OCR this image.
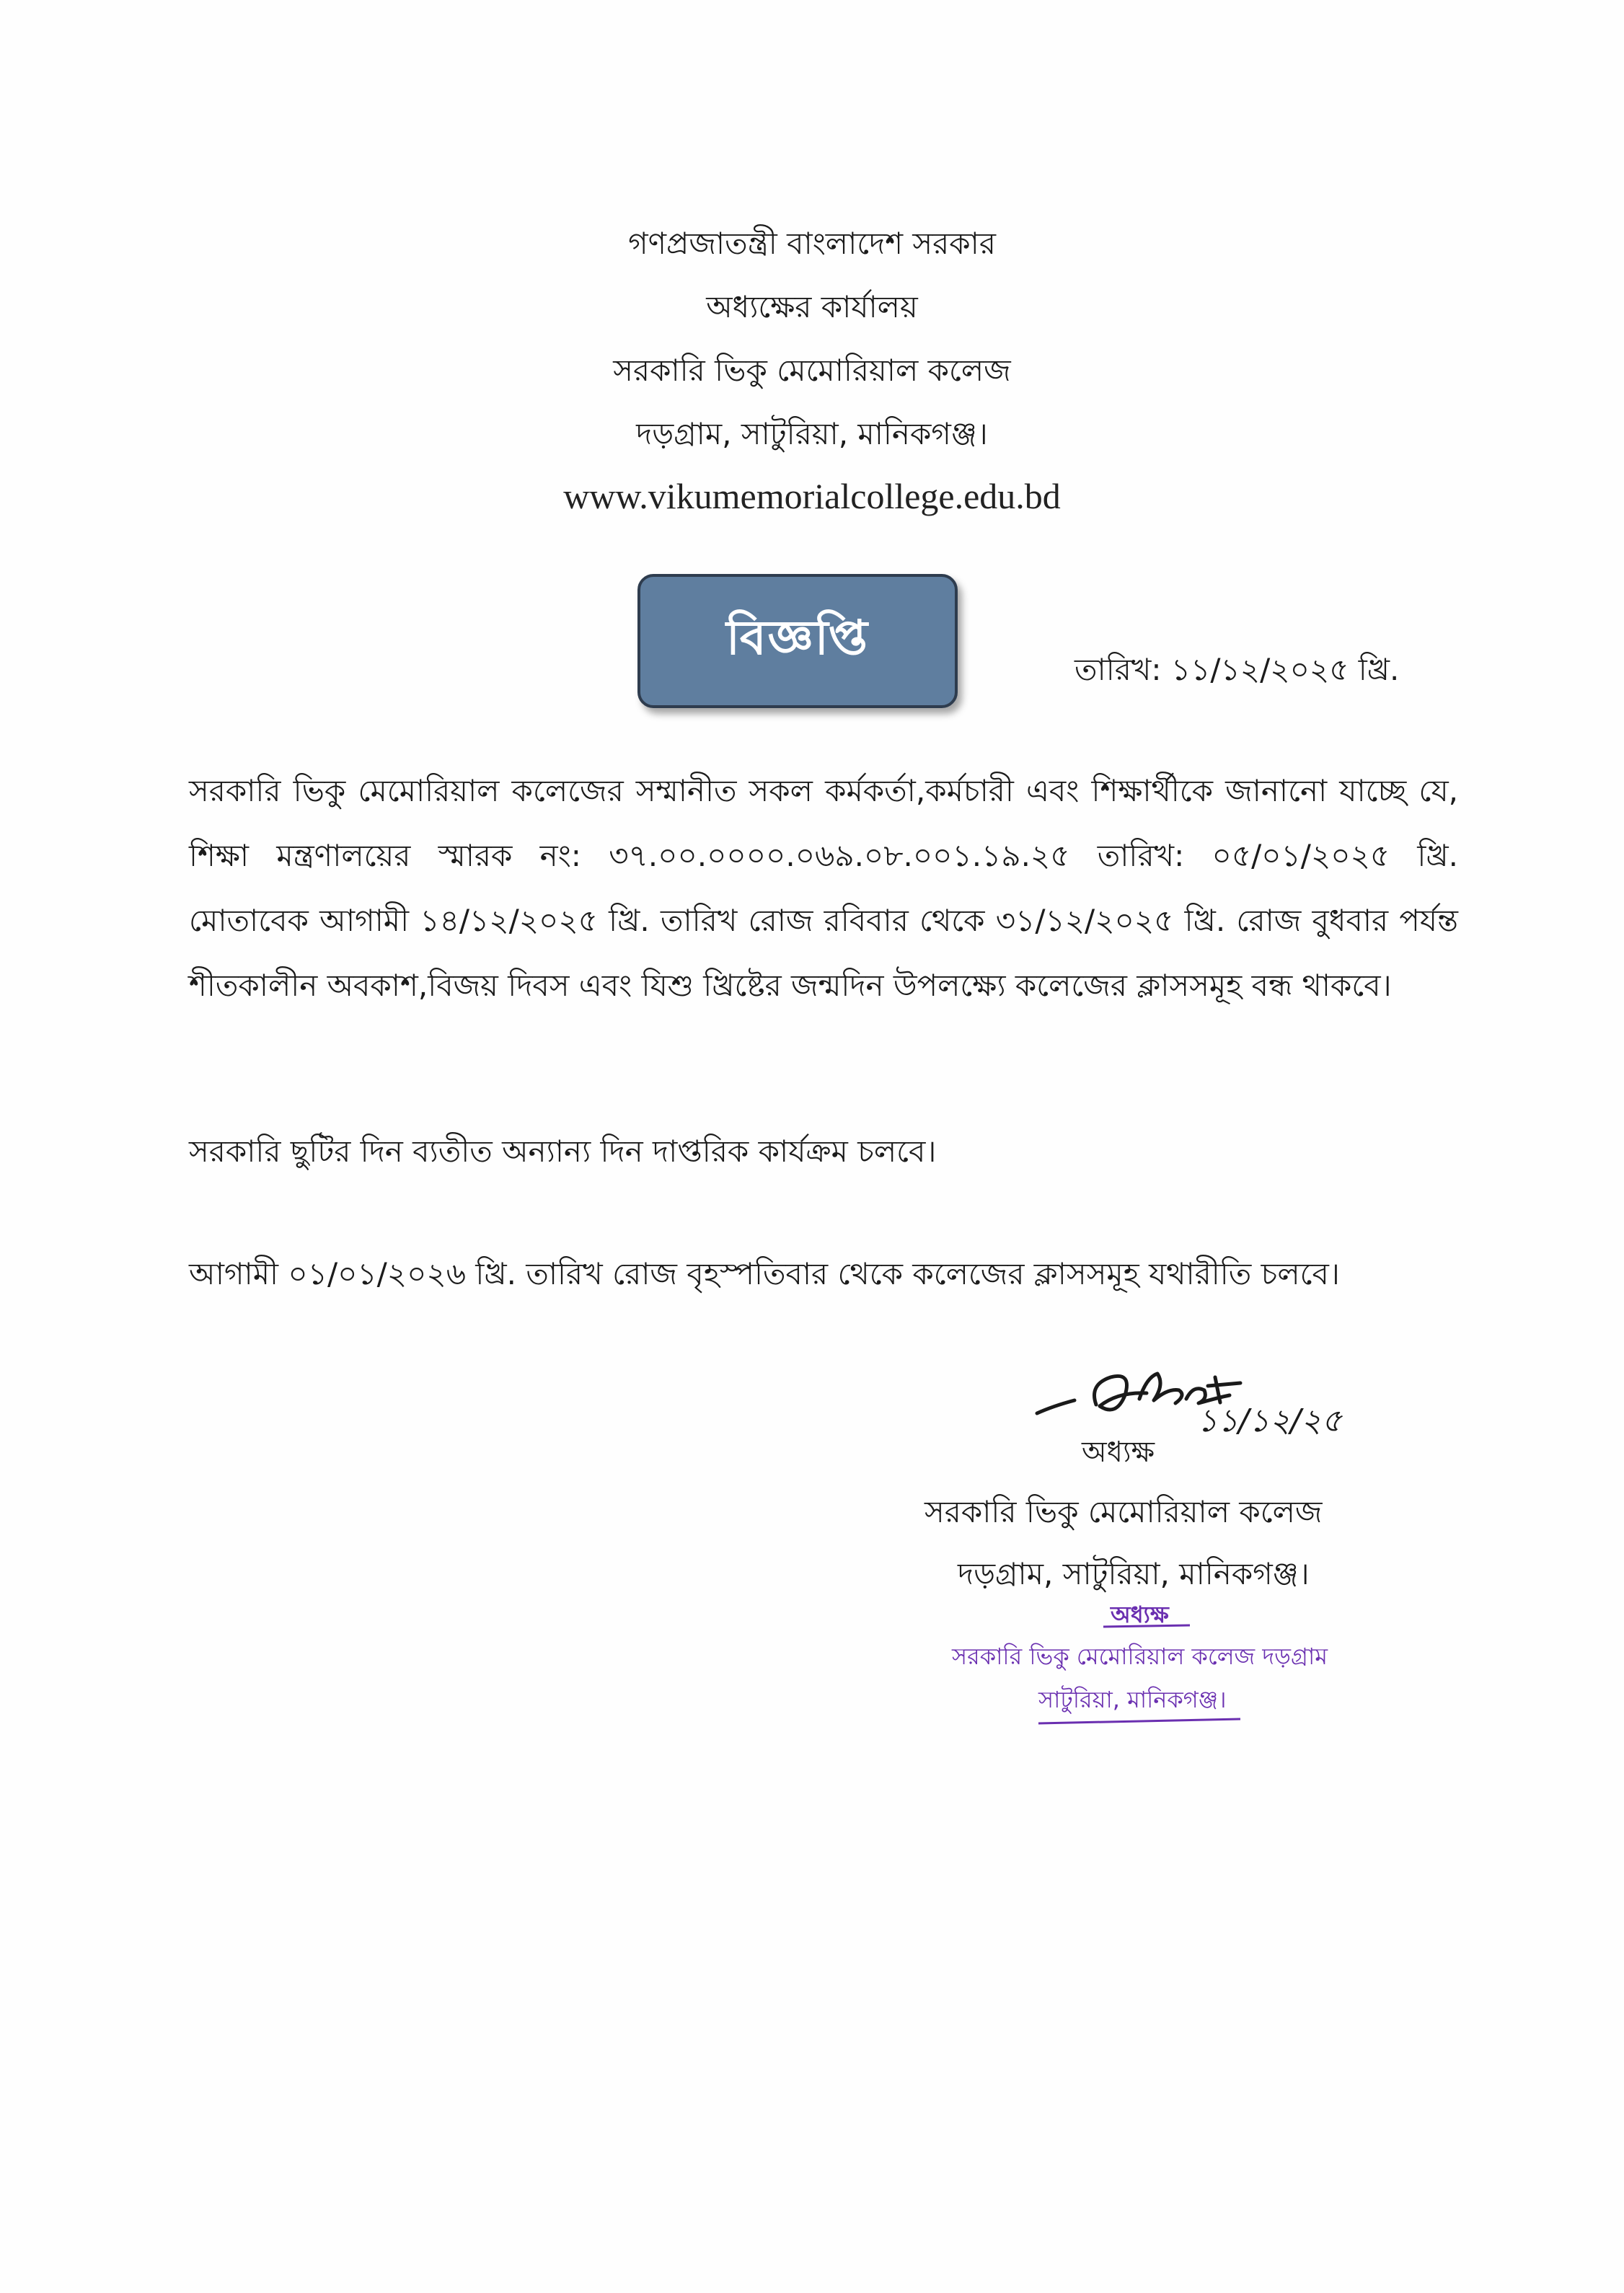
গণপ্রজাতন্ত্রী বাংলাদেশ সরকার
অধ্যক্ষের কার্যালয়
সরকারি ভিকু মেমোরিয়াল কলেজ
দড়গ্রাম, সাটুরিয়া, মানিকগঞ্জ।
www.vikumemorialcollege.edu.bd
বিজ্ঞপ্তি
তারিখ: ১১/১২/২০২৫ খ্রি.
সরকারি ভিকু মেমোরিয়াল কলেজের সম্মানীত সকল কর্মকর্তা,কর্মচারী এবং শিক্ষার্থীকে জানানো যাচ্ছে যে, শিক্ষা মন্ত্রণালয়ের স্মারক নং: ৩৭.০০.০০০০.০৬৯.০৮.০০১.১৯.২৫ তারিখ: ০৫/০১/২০২৫ খ্রি. মোতাবেক আগামী ১৪/১২/২০২৫ খ্রি. তারিখ রোজ রবিবার থেকে ৩১/১২/২০২৫ খ্রি. রোজ বুধবার পর্যন্ত শীতকালীন অবকাশ,বিজয় দিবস এবং যিশু খ্রিষ্টের জন্মদিন উপলক্ষ্যে কলেজের ক্লাসসমূহ বন্ধ থাকবে।
সরকারি ছুটির দিন ব্যতীত অন্যান্য দিন দাপ্তরিক কার্যক্রম চলবে।
আগামী ০১/০১/২০২৬ খ্রি. তারিখ রোজ বৃহস্পতিবার থেকে কলেজের ক্লাসসমূহ যথারীতি চলবে।
১১/১২/২৫
অধ্যক্ষ
সরকারি ভিকু মেমোরিয়াল কলেজ
দড়গ্রাম, সাটুরিয়া, মানিকগঞ্জ।
অধ্যক্ষ
সরকারি ভিকু মেমোরিয়াল কলেজ দড়গ্রাম
সাটুরিয়া, মানিকগঞ্জ।
